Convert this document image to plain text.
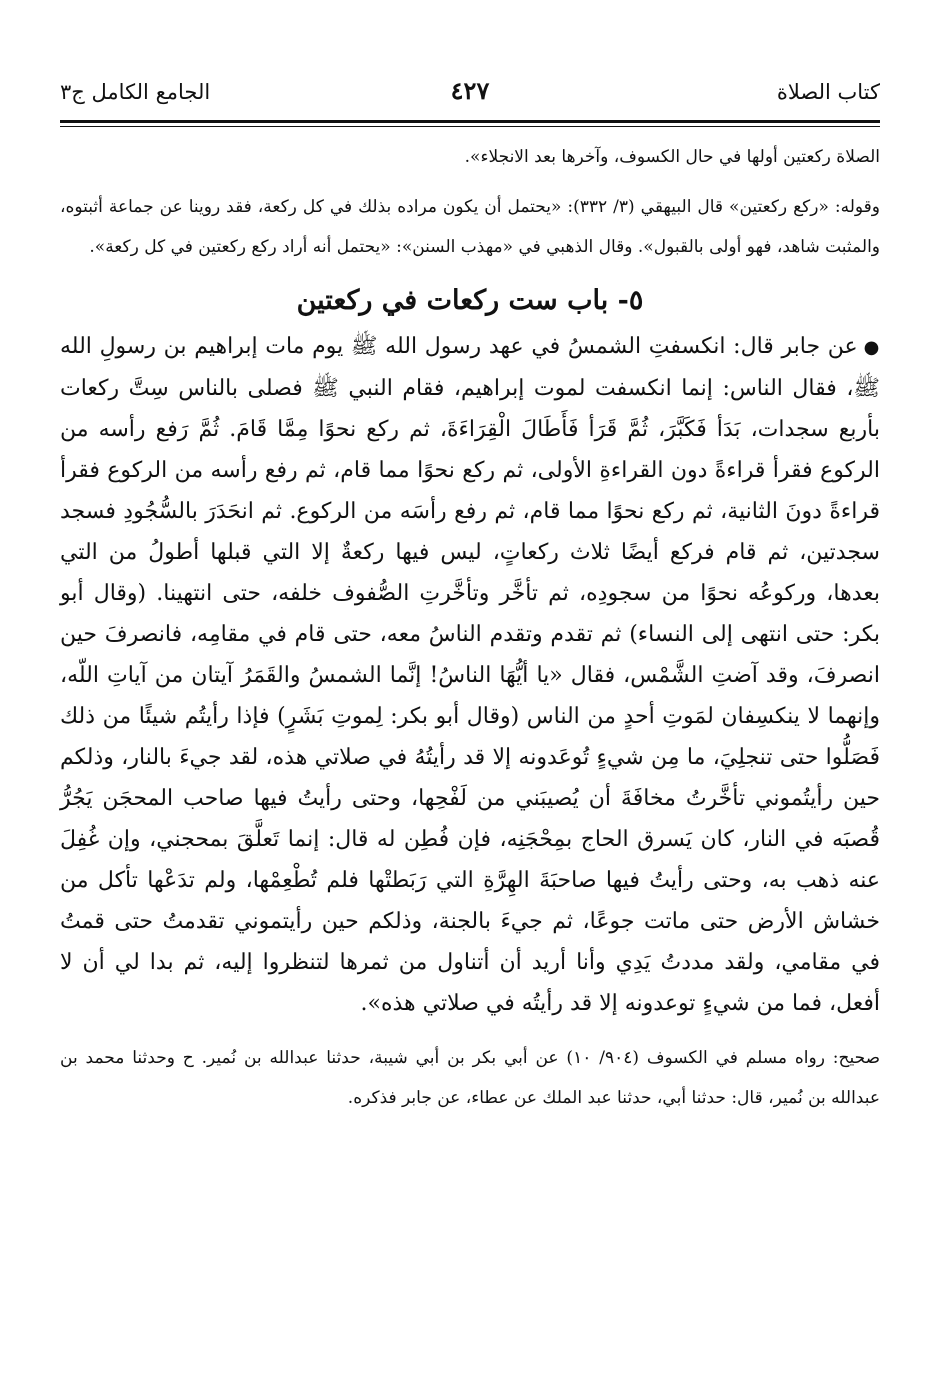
كتاب الصلاة
٤٢٧
الجامع الكامل ج٣

الصلاة ركعتين أولها في حال الكسوف، وآخرها بعد الانجلاء».

وقوله: «ركع ركعتين» قال البيهقي (٣/ ٣٣٢): «يحتمل أن يكون مراده بذلك في كل ركعة، فقد روينا عن جماعة أثبتوه، والمثبت شاهد، فهو أولى بالقبول». وقال الذهبي في «مهذب السنن»: «يحتمل أنه أراد ركع ركعتين في كل ركعة».

٥- باب ست ركعات في ركعتين

●عن جابر قال: انكسفتِ الشمسُ في عهد رسول الله ﷺ يوم مات إبراهيم بن رسولِ الله ﷺ، فقال الناس: إنما انكسفت لموت إبراهيم، فقام النبي ﷺ فصلى بالناس سِتَّ ركعات بأربع سجدات، بَدَأ فَكَبَّرَ، ثُمَّ قَرَأ فَأَطَالَ الْقِرَاءَةَ، ثم ركع نحوًا مِمَّا قَامَ. ثُمَّ رَفع رأسه من الركوع فقرأ قراءةً دون القراءةِ الأولى، ثم ركع نحوًا مما قام، ثم رفع رأسه من الركوع فقرأ قراءةً دونَ الثانية، ثم ركع نحوًا مما قام، ثم رفع رأسَه من الركوع. ثم انحَدَرَ بالسُّجُودِ فسجد سجدتين، ثم قام فركع أيضًا ثلاث ركعاتٍ، ليس فيها ركعةٌ إلا التي قبلها أطولُ من التي بعدها، وركوعُه نحوًا من سجودِه، ثم تأخَّر وتأخَّرتِ الصُّفوف خلفه، حتى انتهينا. (وقال أبو بكر: حتى انتهى إلى النساء) ثم تقدم وتقدم الناسُ معه، حتى قام في مقامِه، فانصرفَ حين انصرفَ، وقد آضتِ الشَّمْس، فقال «يا أيُّهَا الناسُ! إنَّما الشمسُ والقَمَرُ آيتان من آياتِ اللّه، وإنهما لا ينكسِفان لمَوتِ أحدٍ من الناس (وقال أبو بكر: لِموتِ بَشَرٍ) فإذا رأيتُم شيئًا من ذلك فَصَلُّوا حتى تنجلِيَ، ما مِن شيءٍ تُوعَدونه إلا قد رأيتُهُ في صلاتي هذه، لقد جيءَ بالنار، وذلكم حين رأيتُموني تأخَّرتُ مخافَةَ أن يُصيبَني من لَفْحِها، وحتى رأيتُ فيها صاحب المحجَن يَجُرُّ قُصبَه في النار، كان يَسرق الحاج بمِحْجَنِه، فإن فُطِن له قال: إنما تَعلَّقَ بمحجني، وإن غُفِلَ عنه ذهب به، وحتى رأيتُ فيها صاحبَةَ الهِرَّةِ التي رَبَطتْها فلم تُطْعِمْها، ولم تدَعْها تأكل من خشاش الأرض حتى ماتت جوعًا، ثم جيءَ بالجنة، وذلكم حين رأيتموني تقدمتُ حتى قمتُ في مقامي، ولقد مددتُ يَدِي وأنا أريد أن أتناول من ثمرها لتنظروا إليه، ثم بدا لي أن لا أفعل، فما من شيءٍ توعدونه إلا قد رأيتُه في صلاتي هذه».

صحيح: رواه مسلم في الكسوف (٩٠٤/ ١٠) عن أبي بكر بن أبي شيبة، حدثنا عبدالله بن نُمير. ح وحدثنا محمد بن عبدالله بن نُمير، قال: حدثنا أبي، حدثنا عبد الملك عن عطاء، عن جابر فذكره.
